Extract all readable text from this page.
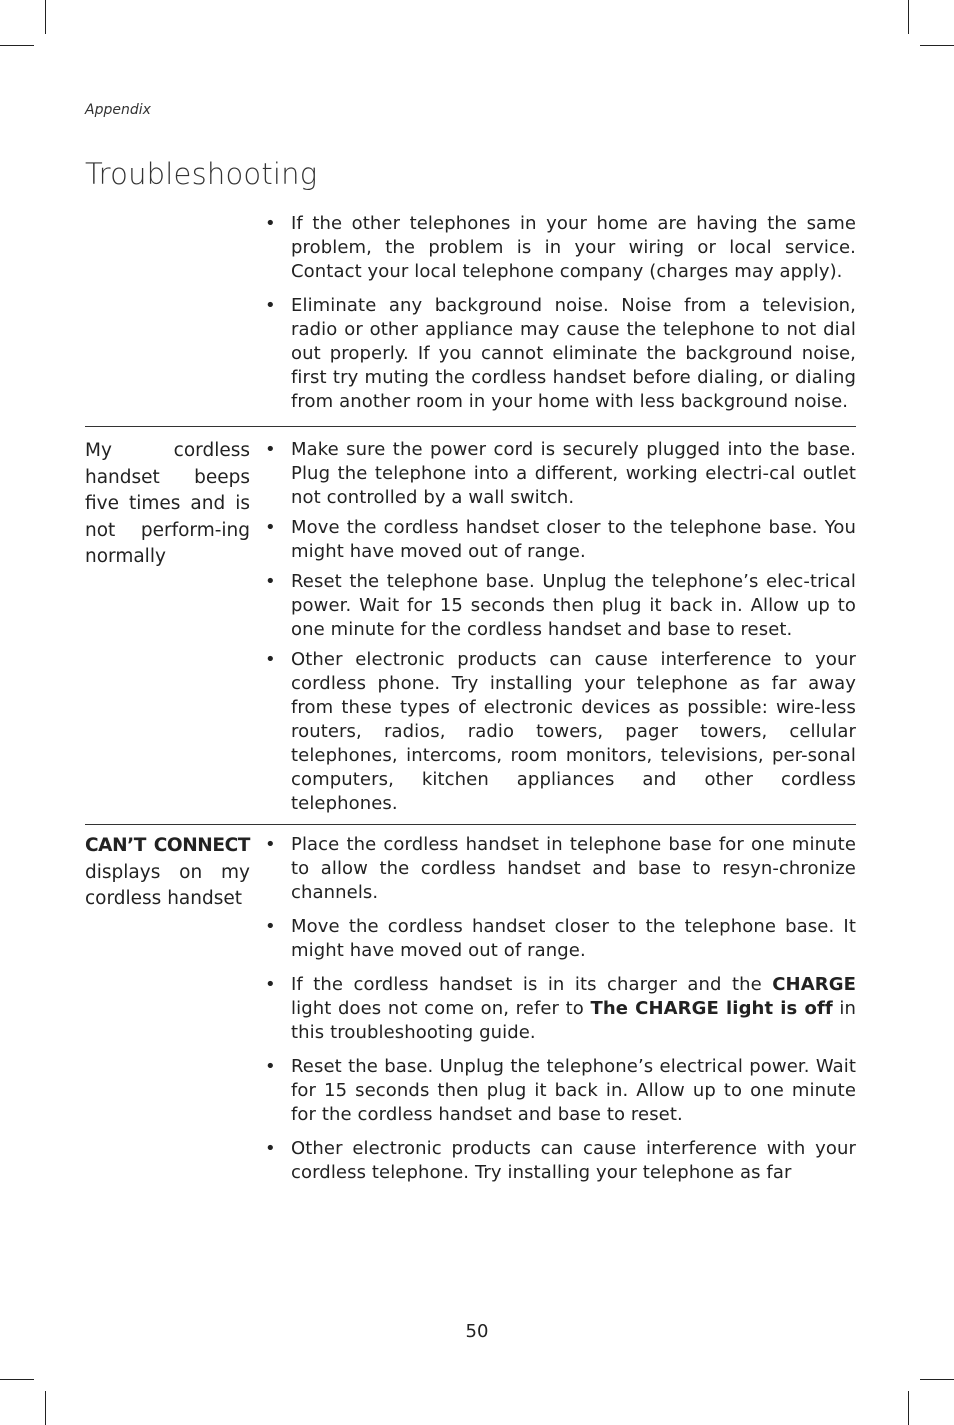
Appendix
Troubleshooting
• If the other telephones in your home are having the same problem, the problem is in your wiring or local service. Contact your local telephone company (charges may apply).
• Eliminate any background noise. Noise from a television, radio or other appliance may cause the telephone to not dial out properly. If you cannot eliminate the background noise, first try muting the cordless handset before dialing, or dialing from another room in your home with less background noise.
My cordless handset beeps five times and is not perform-ing normally
• Make sure the power cord is securely plugged into the base. Plug the telephone into a different, working electri-cal outlet not controlled by a wall switch.
• Move the cordless handset closer to the telephone base. You might have moved out of range.
• Reset the telephone base. Unplug the telephone’s elec-trical power. Wait for 15 seconds then plug it back in. Allow up to one minute for the cordless handset and base to reset.
• Other electronic products can cause interference to your cordless phone. Try installing your telephone as far away from these types of electronic devices as possible: wire-less routers, radios, radio towers, pager towers, cellular telephones, intercoms, room monitors, televisions, per-sonal computers, kitchen appliances and other cordless telephones.
CAN’T CONNECT displays on my cordless handset
• Place the cordless handset in telephone base for one minute to allow the cordless handset and base to resyn-chronize channels.
• Move the cordless handset closer to the telephone base. It might have moved out of range.
• If the cordless handset is in its charger and the CHARGE light does not come on, refer to The CHARGE light is off in this troubleshooting guide.
• Reset the base. Unplug the telephone’s electrical power. Wait for 15 seconds then plug it back in. Allow up to one minute for the cordless handset and base to reset.
• Other electronic products can cause interference with your cordless telephone. Try installing your telephone as far
50
